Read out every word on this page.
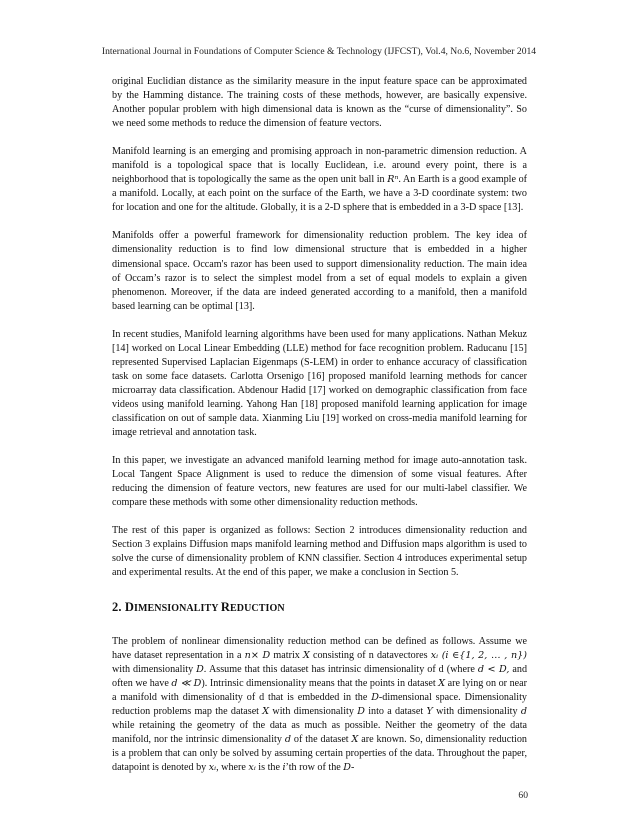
International Journal in Foundations of Computer Science & Technology (IJFCST), Vol.4, No.6, November 2014

original Euclidian distance as the similarity measure in the input feature space can be approximated by the Hamming distance. The training costs of these methods, however, are basically expensive. Another popular problem with high dimensional data is known as the “curse of dimensionality”. So we need some methods to reduce the dimension of feature vectors.

Manifold learning is an emerging and promising approach in non-parametric dimension reduction. A manifold is a topological space that is locally Euclidean, i.e. around every point, there is a neighborhood that is topologically the same as the open unit ball in Rⁿ. An Earth is a good example of a manifold. Locally, at each point on the surface of the Earth, we have a 3-D coordinate system: two for location and one for the altitude. Globally, it is a 2-D sphere that is embedded in a 3-D space [13].

Manifolds offer a powerful framework for dimensionality reduction problem. The key idea of dimensionality reduction is to find low dimensional structure that is embedded in a higher dimensional space. Occam's razor has been used to support dimensionality reduction. The main idea of Occam’s razor is to select the simplest model from a set of equal models to explain a given phenomenon. Moreover, if the data are indeed generated according to a manifold, then a manifold based learning can be optimal [13].

In recent studies, Manifold learning algorithms have been used for many applications. Nathan Mekuz [14] worked on Local Linear Embedding (LLE) method for face recognition problem. Raducanu [15] represented Supervised Laplacian Eigenmaps (S-LEM) in order to enhance accuracy of classification task on some face datasets. Carlotta Orsenigo [16] proposed manifold learning methods for cancer microarray data classification. Abdenour Hadid [17] worked on demographic classification from face videos using manifold learning. Yahong Han [18] proposed manifold learning application for image classification on out of sample data. Xianming Liu [19] worked on cross-media manifold learning for image retrieval and annotation task.

In this paper, we investigate an advanced manifold learning method for image auto-annotation task. Local Tangent Space Alignment is used to reduce the dimension of some visual features. After reducing the dimension of feature vectors, new features are used for our multi-label classifier. We compare these methods with some other dimensionality reduction methods.

The rest of this paper is organized as follows: Section 2 introduces dimensionality reduction and Section 3 explains Diffusion maps manifold learning method and Diffusion maps algorithm is used to solve the curse of dimensionality problem of KNN classifier. Section 4 introduces experimental setup and experimental results. At the end of this paper, we make a conclusion in Section 5.

2. DIMENSIONALITY REDUCTION

The problem of nonlinear dimensionality reduction method can be defined as follows. Assume we have dataset representation in a n× D matrix X consisting of n datavectores xᵢ (i ∈{1, 2, … , n}) with dimensionality D. Assume that this dataset has intrinsic dimensionality of d (where d < D, and often we have d ≪ D). Intrinsic dimensionality means that the points in dataset X are lying on or near a manifold with dimensionality of d that is embedded in the D-dimensional space. Dimensionality reduction problems map the dataset X with dimensionality D into a dataset Y with dimensionality d while retaining the geometry of the data as much as possible. Neither the geometry of the data manifold, nor the intrinsic dimensionality d of the dataset X are known. So, dimensionality reduction is a problem that can only be solved by assuming certain properties of the data. Throughout the paper, datapoint is denoted by xᵢ, where xᵢ is the i’th row of the D-

60
